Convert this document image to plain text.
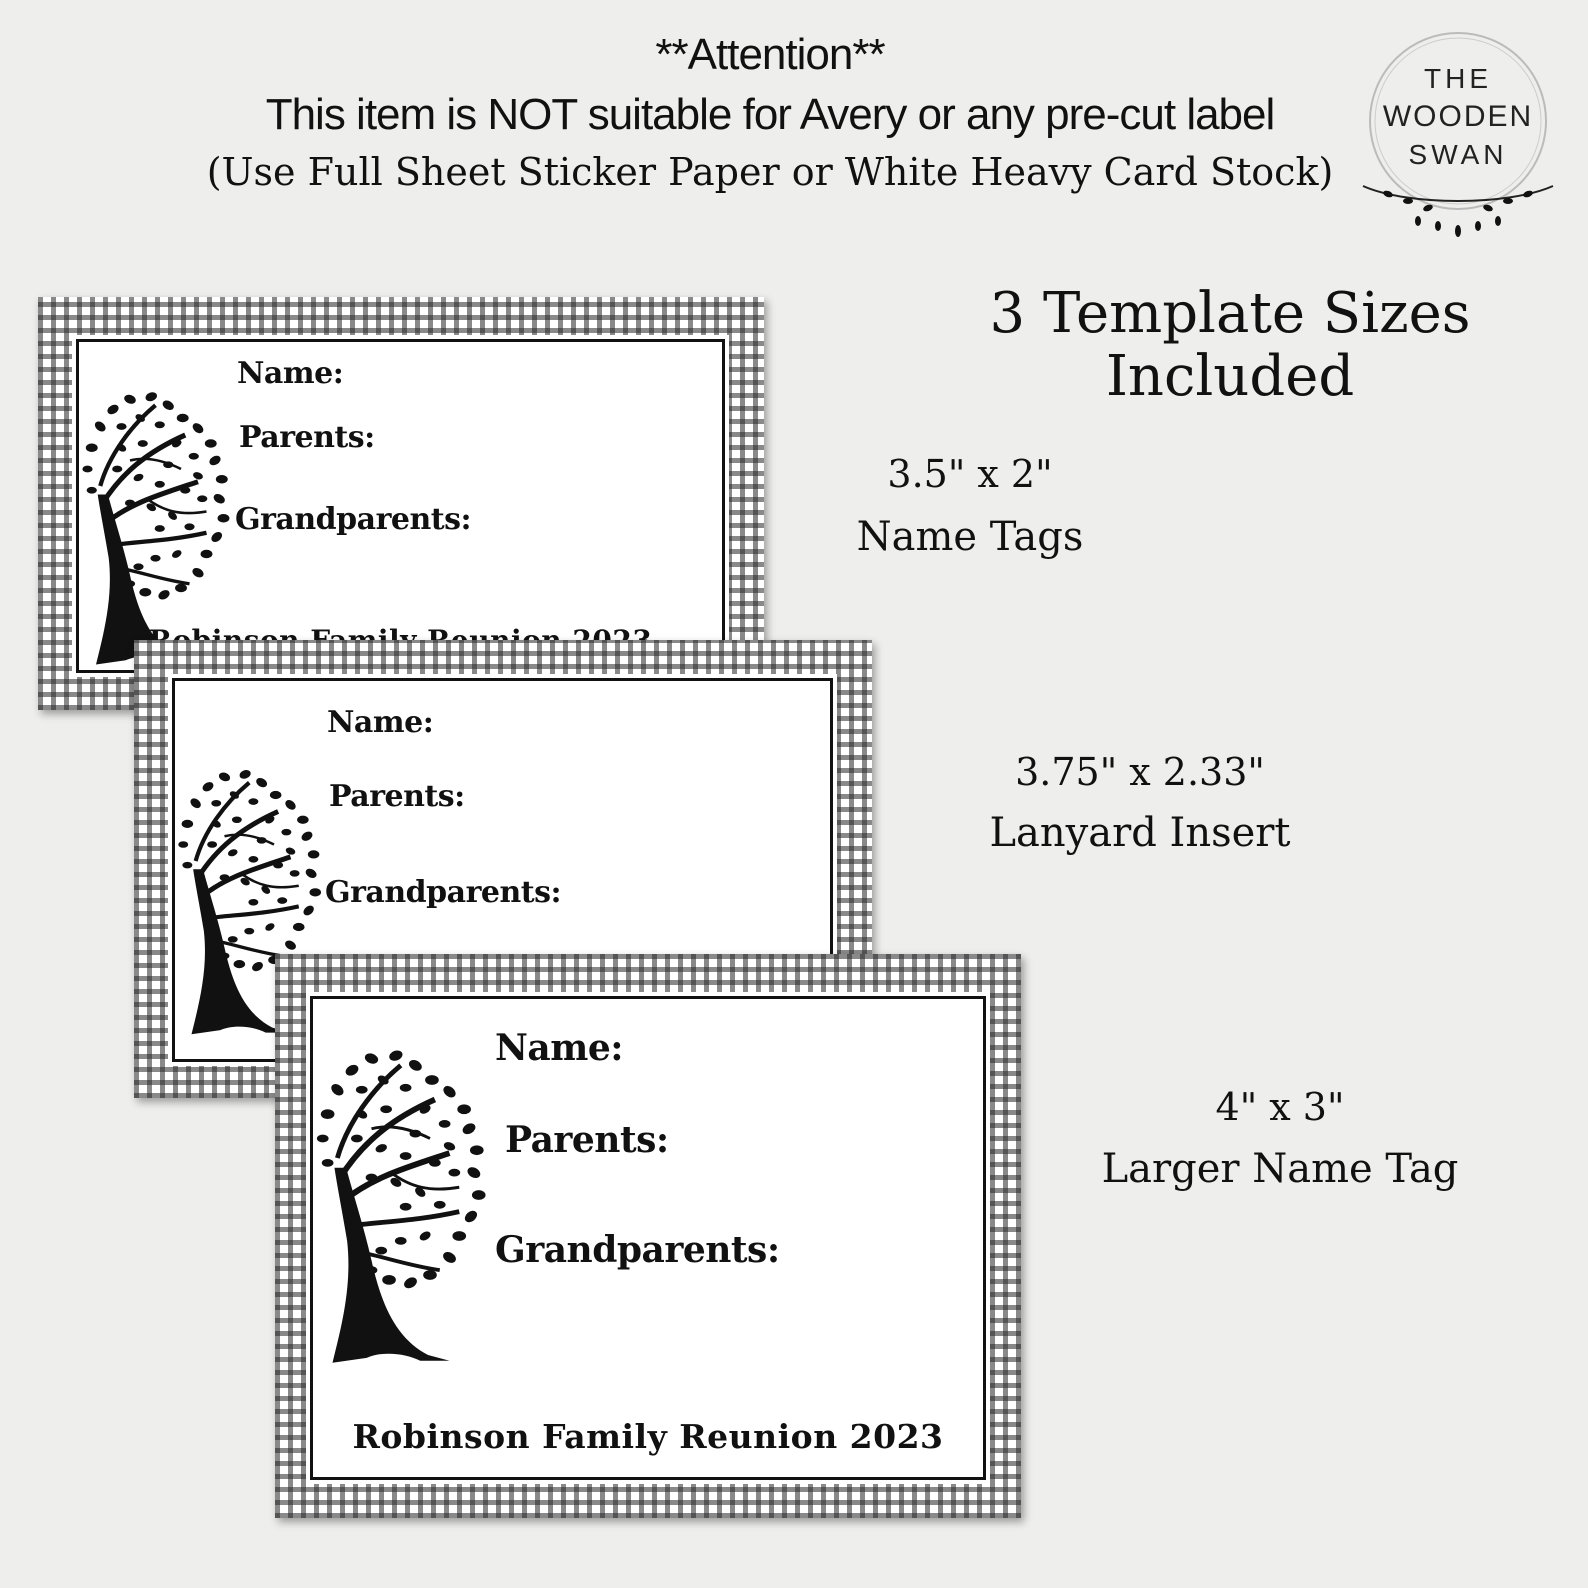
**Attention**
This item is NOT suitable for Avery or any pre-cut label
(Use Full Sheet Sticker Paper or White Heavy Card Stock)
THE
WOODEN
SWAN
3 Template Sizes
Included
3.5" x 2"
Name Tags
3.75" x 2.33"
Lanyard Insert
4" x 3"
Larger Name Tag
Name:
Parents:
Grandparents:
Name:
Parents:
Grandparents:
Name:
Parents:
Grandparents:
Robinson Family Reunion 2023
